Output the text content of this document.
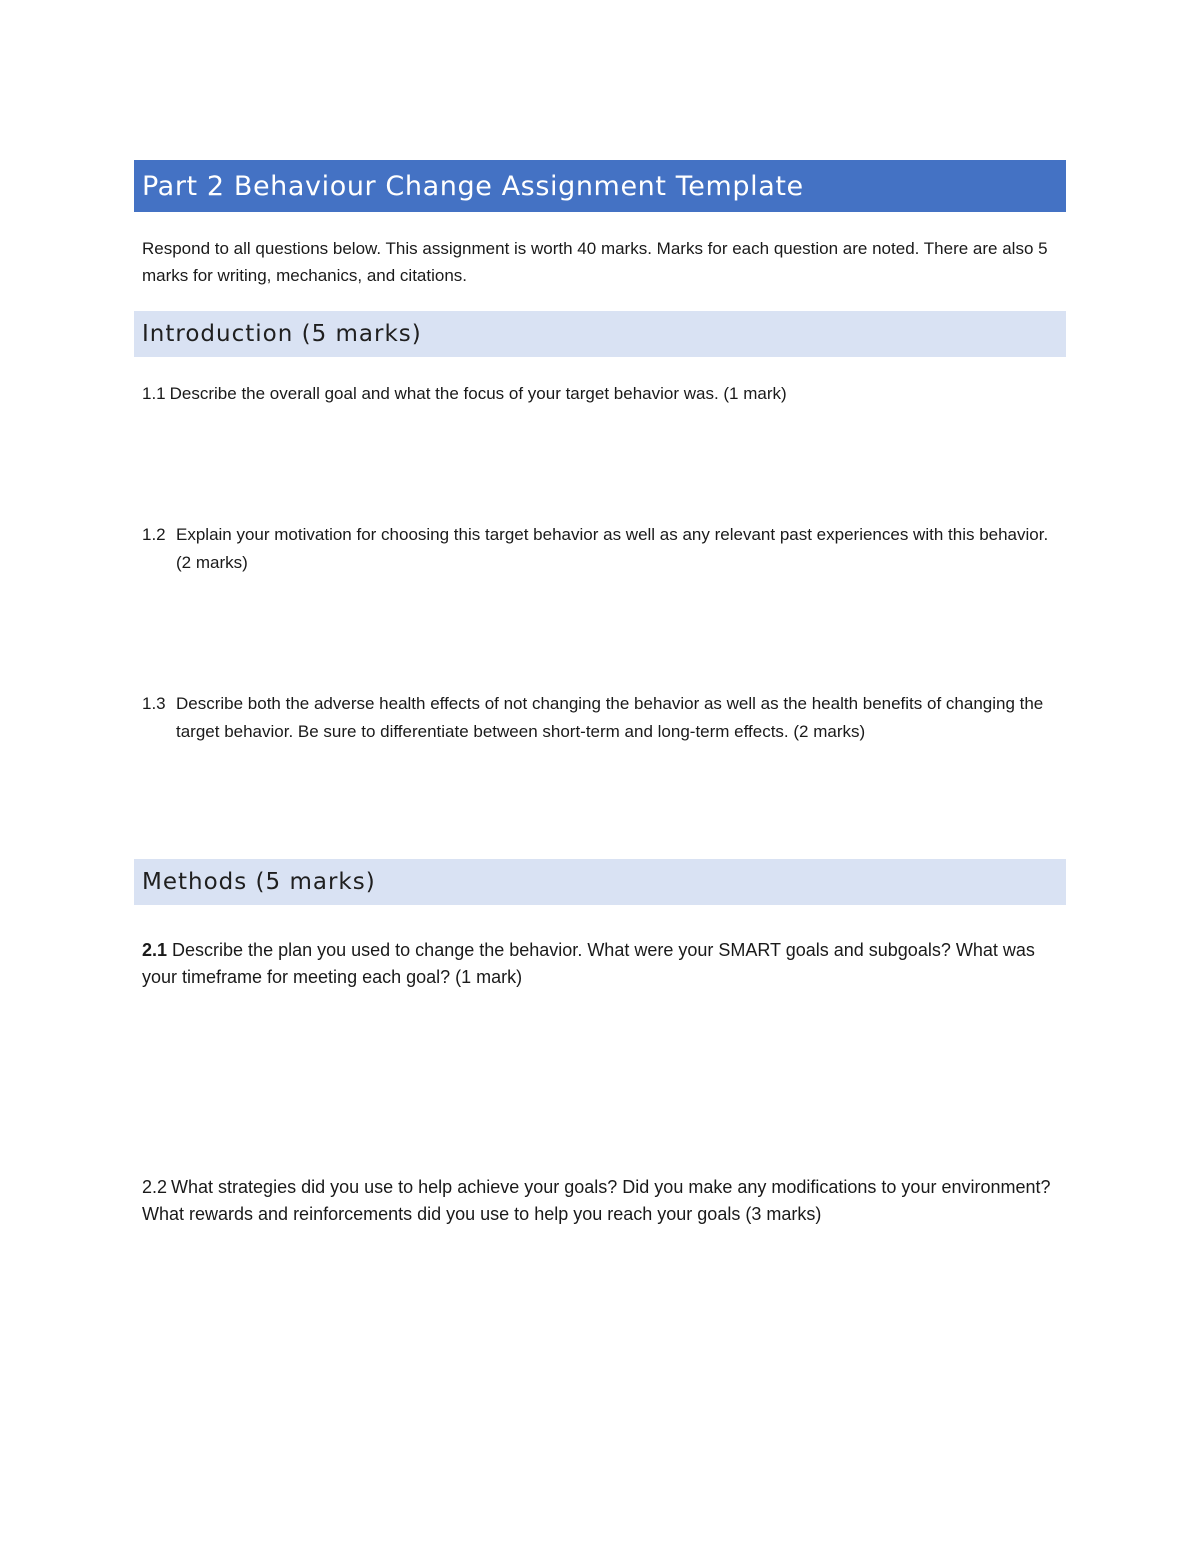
Part 2 Behaviour Change Assignment Template
Respond to all questions below. This assignment is worth 40 marks. Marks for each question are noted. There are also 5 marks for writing, mechanics, and citations.
Introduction (5 marks)
1.1 Describe the overall goal and what the focus of your target behavior was. (1 mark)
1.2 Explain your motivation for choosing this target behavior as well as any relevant past experiences with this behavior. (2 marks)
1.3 Describe both the adverse health effects of not changing the behavior as well as the health benefits of changing the target behavior. Be sure to differentiate between short-term and long-term effects. (2 marks)
Methods (5 marks)
2.1 Describe the plan you used to change the behavior. What were your SMART goals and subgoals? What was your timeframe for meeting each goal? (1 mark)
2.2 What strategies did you use to help achieve your goals? Did you make any modifications to your environment? What rewards and reinforcements did you use to help you reach your goals (3 marks)
